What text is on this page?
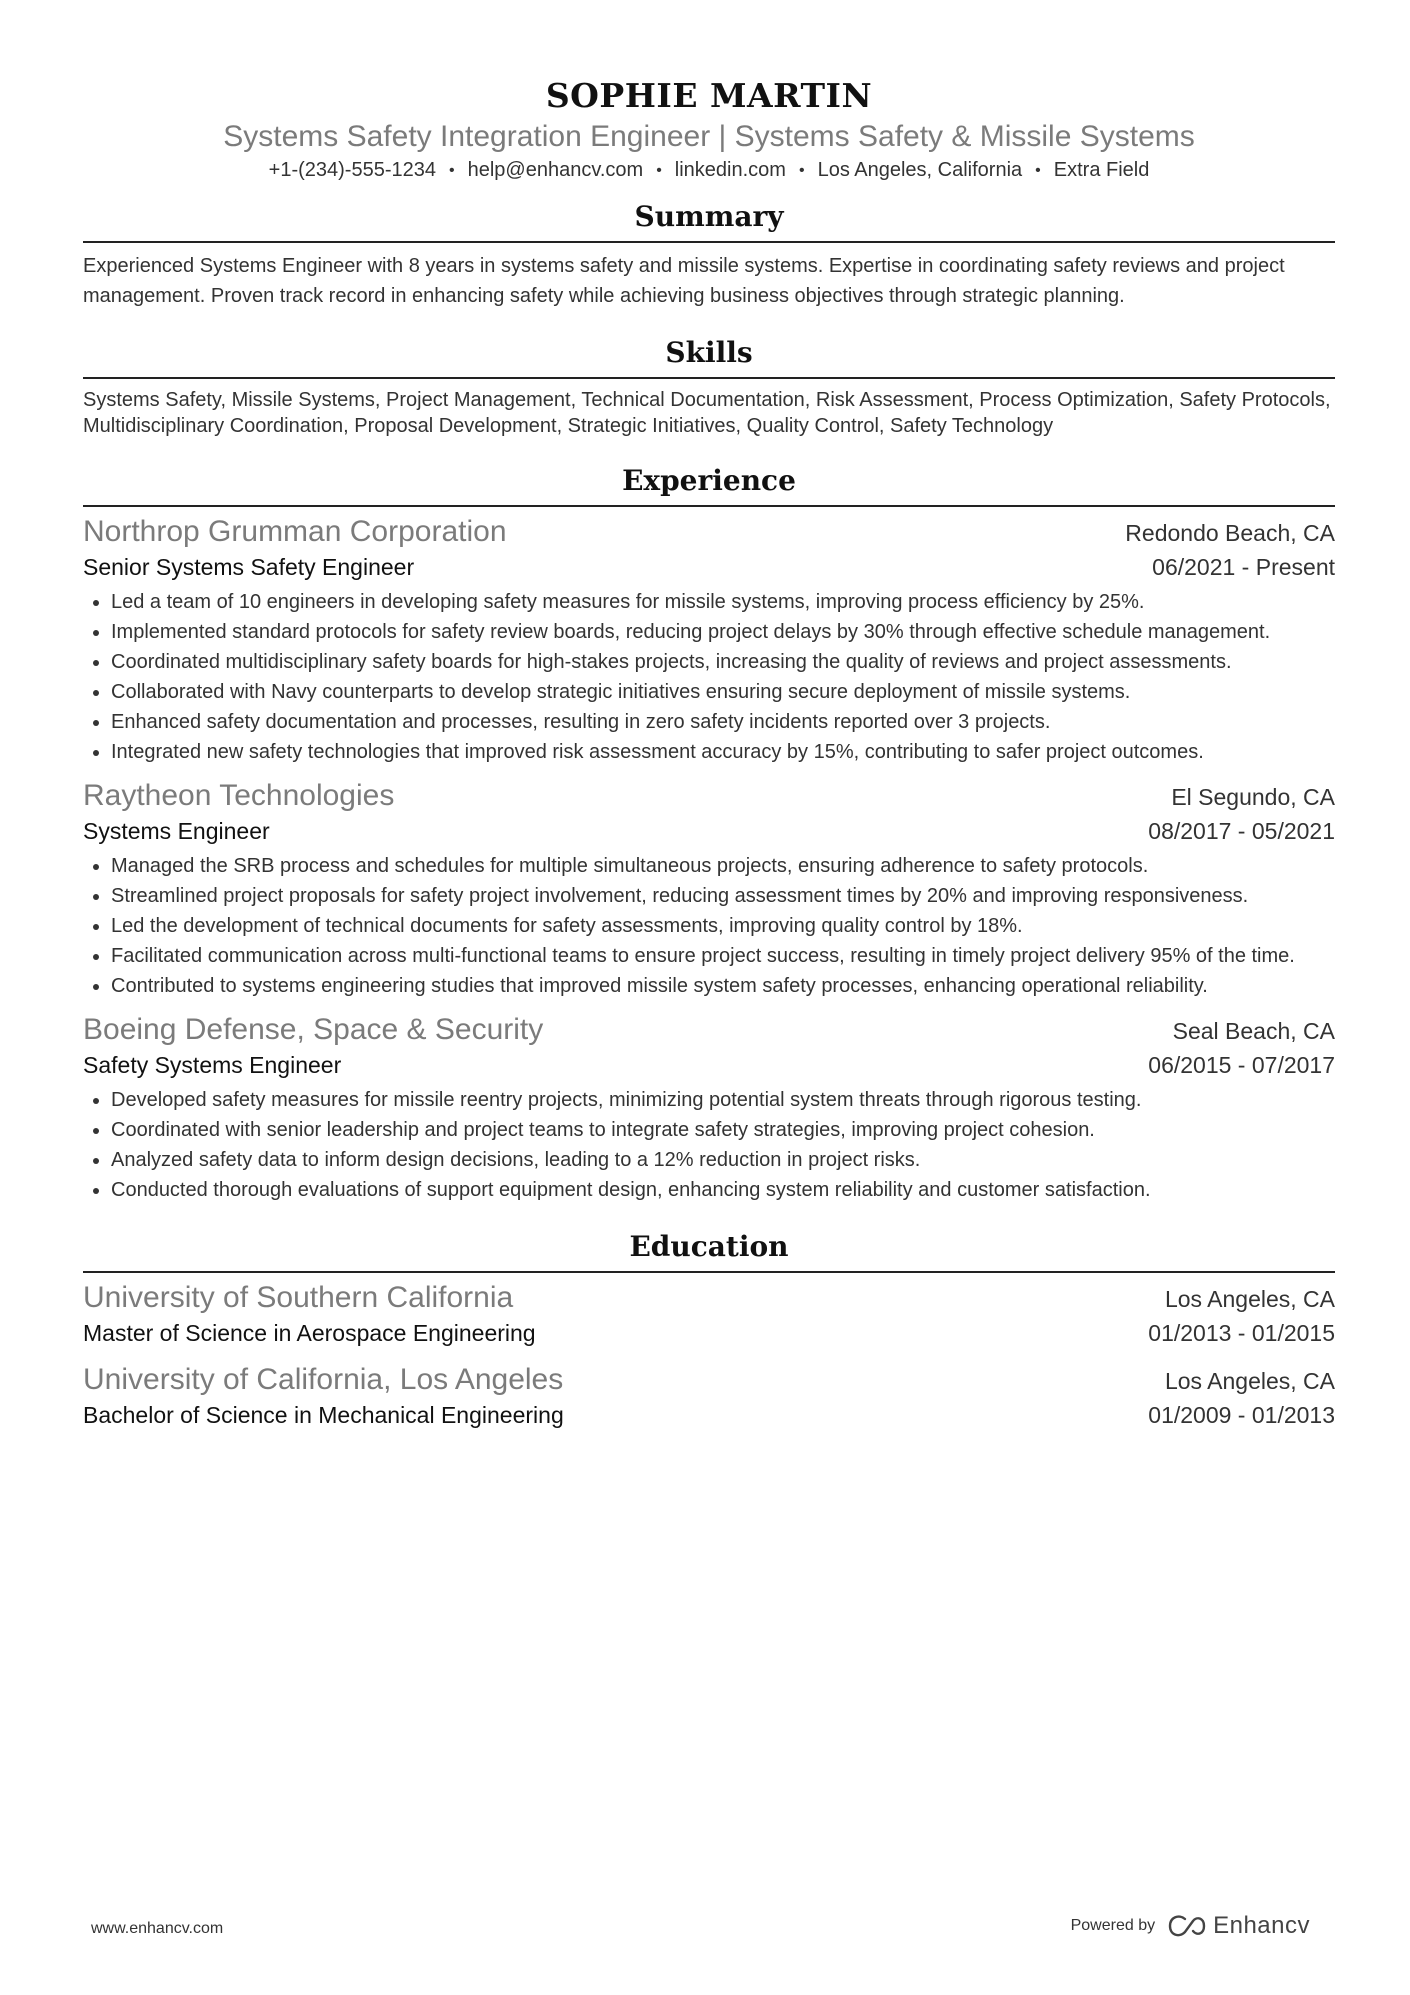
SOPHIE MARTIN
Systems Safety Integration Engineer | Systems Safety & Missile Systems
+1-(234)-555-1234 • help@enhancv.com • linkedin.com • Los Angeles, California • Extra Field
Summary
Experienced Systems Engineer with 8 years in systems safety and missile systems. Expertise in coordinating safety reviews and project management. Proven track record in enhancing safety while achieving business objectives through strategic planning.
Skills
Systems Safety, Missile Systems, Project Management, Technical Documentation, Risk Assessment, Process Optimization, Safety Protocols, Multidisciplinary Coordination, Proposal Development, Strategic Initiatives, Quality Control, Safety Technology
Experience
Northrop Grumman Corporation	Redondo Beach, CA
Senior Systems Safety Engineer	06/2021 - Present
Led a team of 10 engineers in developing safety measures for missile systems, improving process efficiency by 25%.
Implemented standard protocols for safety review boards, reducing project delays by 30% through effective schedule management.
Coordinated multidisciplinary safety boards for high-stakes projects, increasing the quality of reviews and project assessments.
Collaborated with Navy counterparts to develop strategic initiatives ensuring secure deployment of missile systems.
Enhanced safety documentation and processes, resulting in zero safety incidents reported over 3 projects.
Integrated new safety technologies that improved risk assessment accuracy by 15%, contributing to safer project outcomes.
Raytheon Technologies	El Segundo, CA
Systems Engineer	08/2017 - 05/2021
Managed the SRB process and schedules for multiple simultaneous projects, ensuring adherence to safety protocols.
Streamlined project proposals for safety project involvement, reducing assessment times by 20% and improving responsiveness.
Led the development of technical documents for safety assessments, improving quality control by 18%.
Facilitated communication across multi-functional teams to ensure project success, resulting in timely project delivery 95% of the time.
Contributed to systems engineering studies that improved missile system safety processes, enhancing operational reliability.
Boeing Defense, Space & Security	Seal Beach, CA
Safety Systems Engineer	06/2015 - 07/2017
Developed safety measures for missile reentry projects, minimizing potential system threats through rigorous testing.
Coordinated with senior leadership and project teams to integrate safety strategies, improving project cohesion.
Analyzed safety data to inform design decisions, leading to a 12% reduction in project risks.
Conducted thorough evaluations of support equipment design, enhancing system reliability and customer satisfaction.
Education
University of Southern California	Los Angeles, CA
Master of Science in Aerospace Engineering	01/2013 - 01/2015
University of California, Los Angeles	Los Angeles, CA
Bachelor of Science in Mechanical Engineering	01/2009 - 01/2013
www.enhancv.com	Powered by Enhancv
